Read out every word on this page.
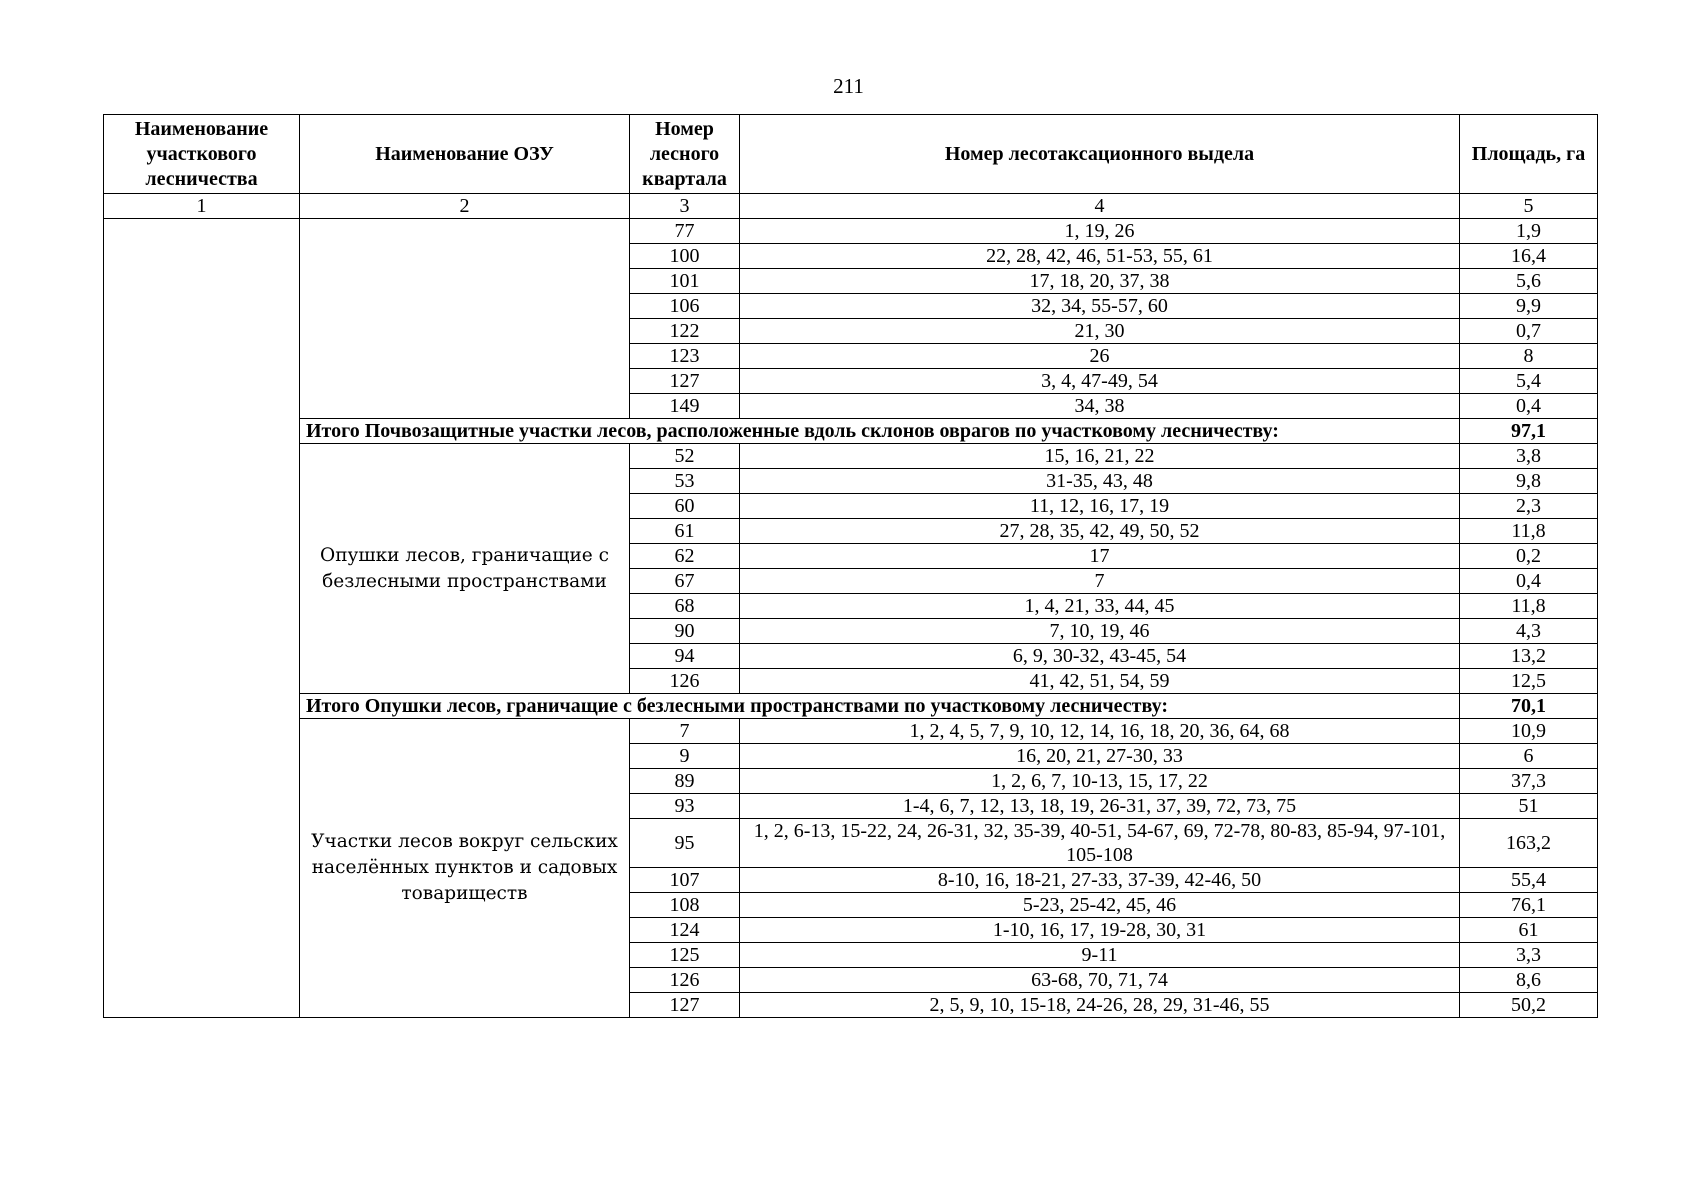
211
Наименование участкового лесничества	Наименование ОЗУ	Номер лесного квартала	Номер лесотаксационного выдела	Площадь, га
1	2	3	4	5
		77	1, 19, 26	1,9
		100	22, 28, 42, 46, 51-53, 55, 61	16,4
		101	17, 18, 20, 37, 38	5,6
		106	32, 34, 55-57, 60	9,9
		122	21, 30	0,7
		123	26	8
		127	3, 4, 47-49, 54	5,4
		149	34, 38	0,4
	Итого Почвозащитные участки лесов, расположенные вдоль склонов оврагов по участковому лесничеству:			97,1
	Опушки лесов, граничащие с безлесными пространствами	52	15, 16, 21, 22	3,8
		53	31-35, 43, 48	9,8
		60	11, 12, 16, 17, 19	2,3
		61	27, 28, 35, 42, 49, 50, 52	11,8
		62	17	0,2
		67	7	0,4
		68	1, 4, 21, 33, 44, 45	11,8
		90	7, 10, 19, 46	4,3
		94	6, 9, 30-32, 43-45, 54	13,2
		126	41, 42, 51, 54, 59	12,5
	Итого Опушки лесов, граничащие с безлесными пространствами по участковому лесничеству:			70,1
	Участки лесов вокруг сельских населённых пунктов и садовых товариществ	7	1, 2, 4, 5, 7, 9, 10, 12, 14, 16, 18, 20, 36, 64, 68	10,9
		9	16, 20, 21, 27-30, 33	6
		89	1, 2, 6, 7, 10-13, 15, 17, 22	37,3
		93	1-4, 6, 7, 12, 13, 18, 19, 26-31, 37, 39, 72, 73, 75	51
		95	1, 2, 6-13, 15-22, 24, 26-31, 32, 35-39, 40-51, 54-67, 69, 72-78, 80-83, 85-94, 97-101, 105-108	163,2
		107	8-10, 16, 18-21, 27-33, 37-39, 42-46, 50	55,4
		108	5-23, 25-42, 45, 46	76,1
		124	1-10, 16, 17, 19-28, 30, 31	61
		125	9-11	3,3
		126	63-68, 70, 71, 74	8,6
		127	2, 5, 9, 10, 15-18, 24-26, 28, 29, 31-46, 55	50,2
